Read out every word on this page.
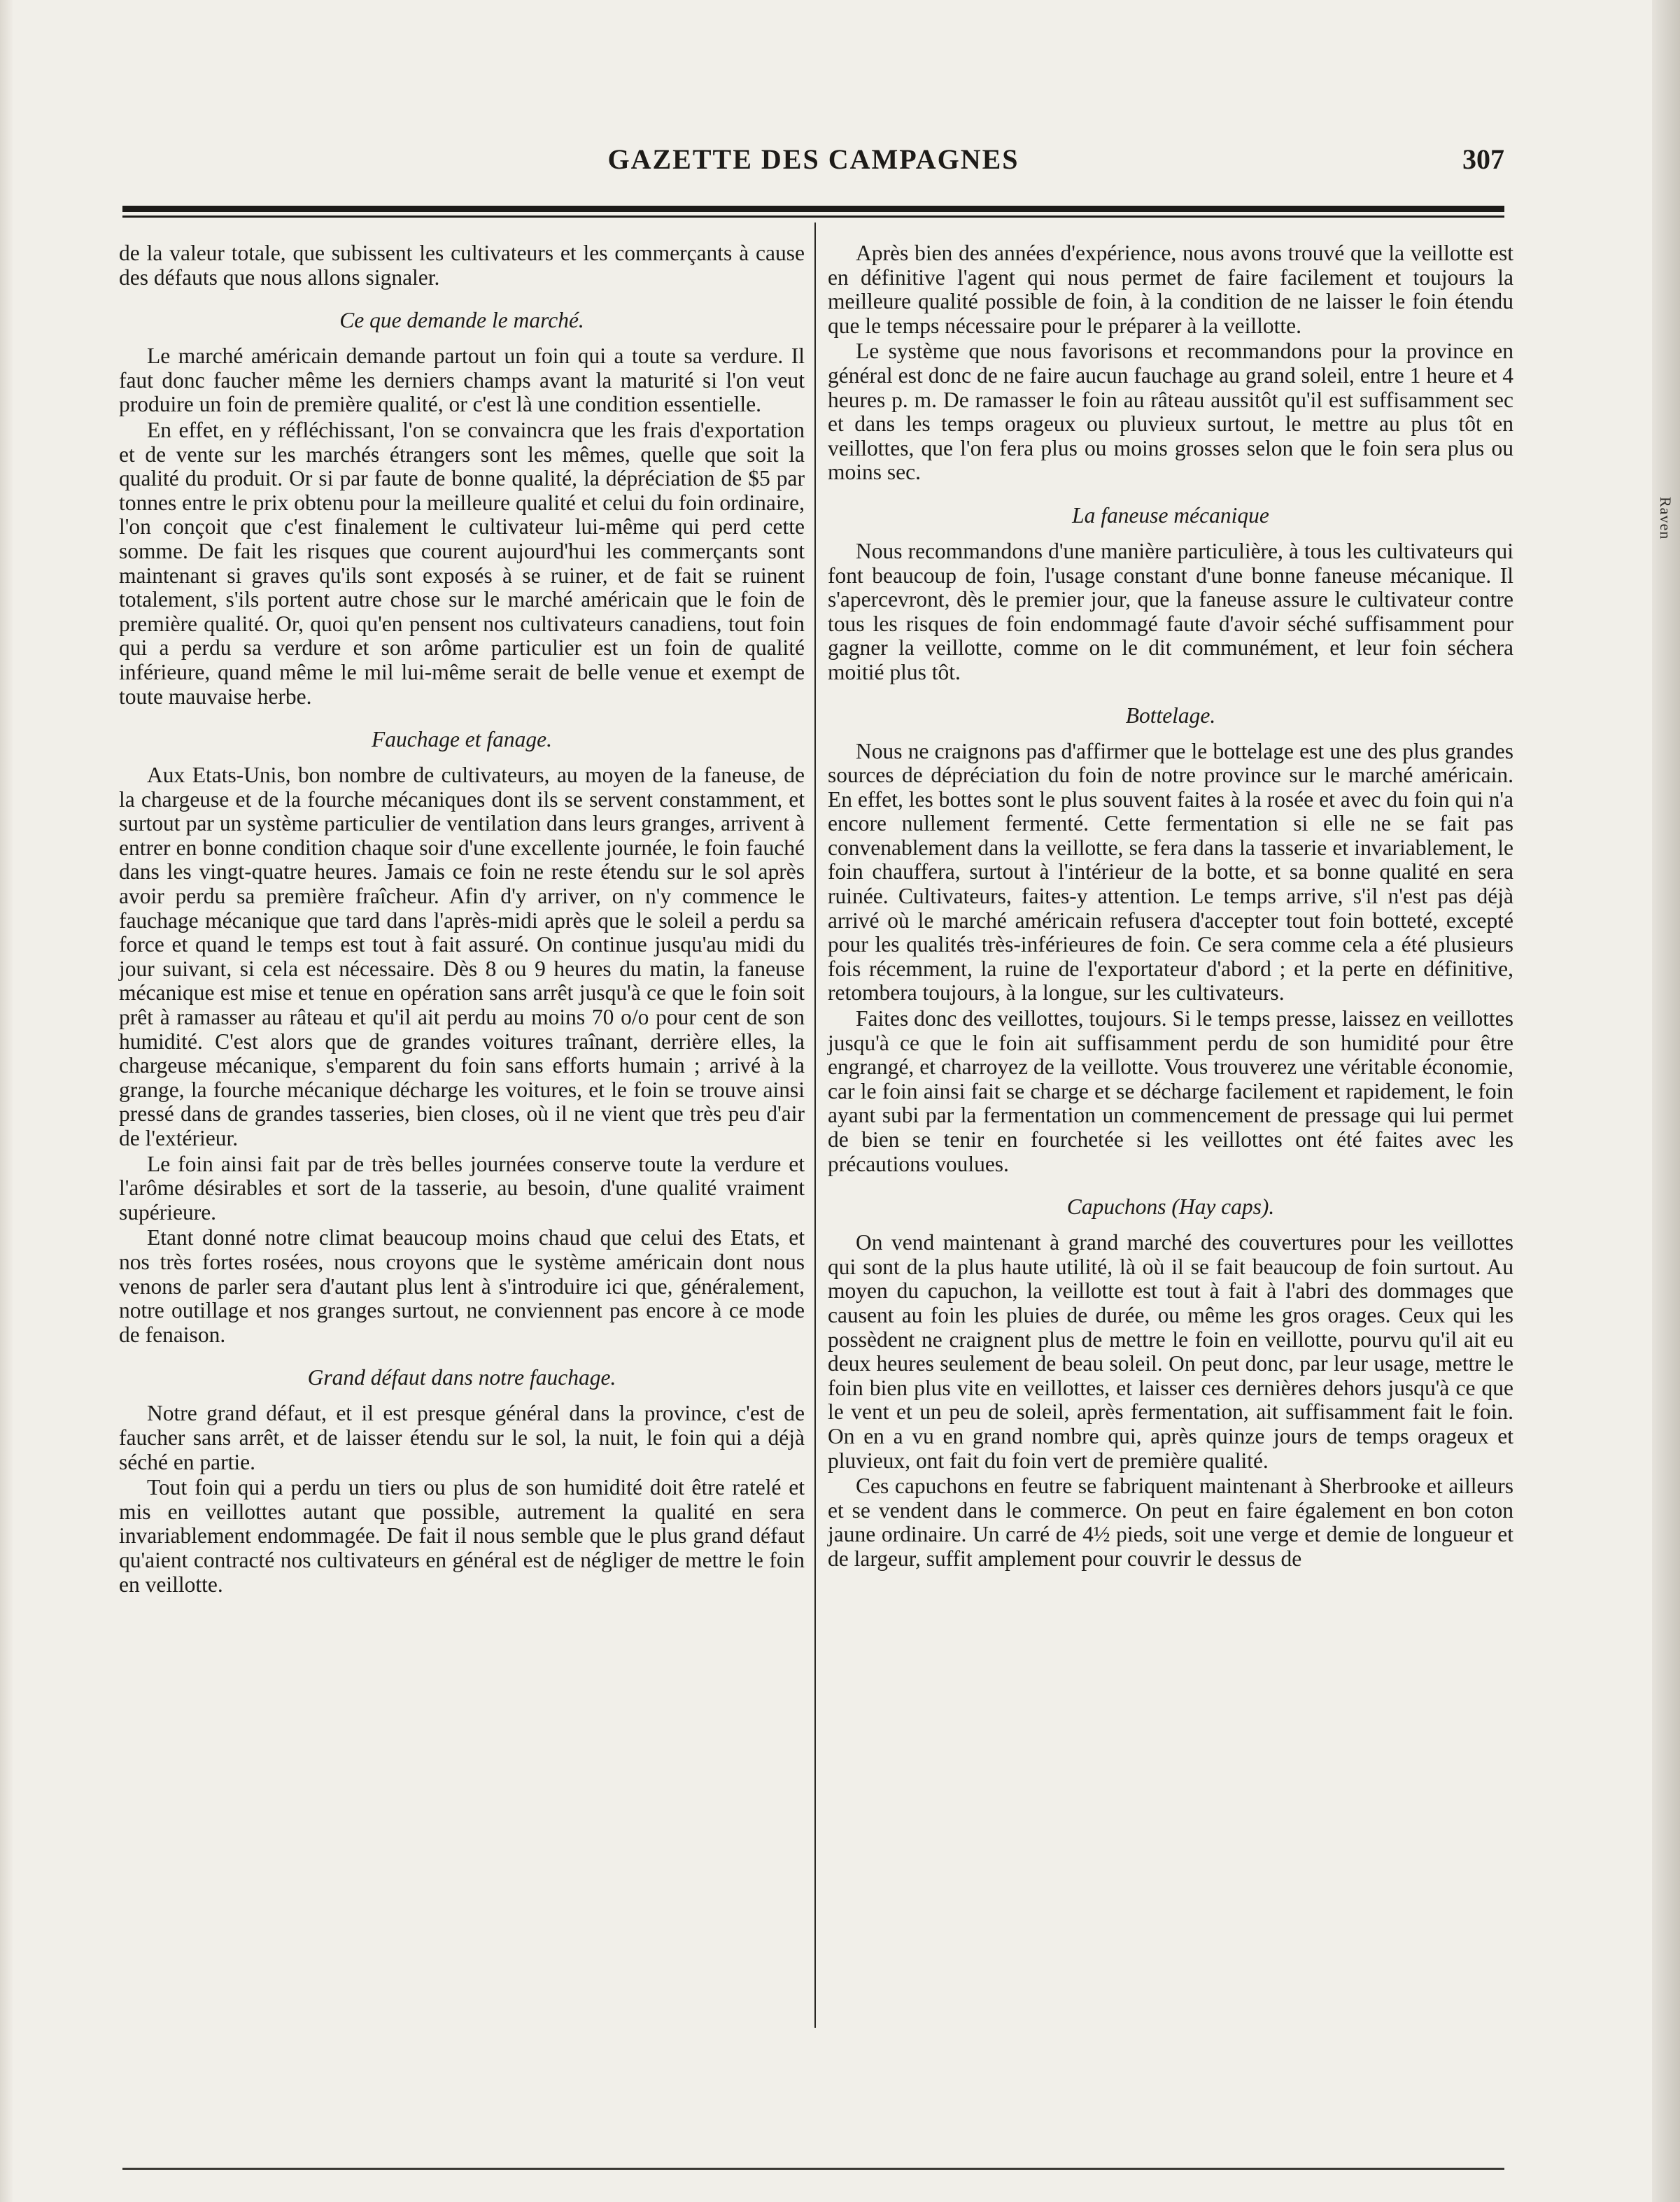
Raven
GAZETTE DES CAMPAGNES	307

de la valeur totale, que subissent les cultivateurs et les commerçants à cause des défauts que nous allons signaler.

Ce que demande le marché.

Le marché américain demande partout un foin qui a toute sa verdure. Il faut donc faucher même les derniers champs avant la maturité si l'on veut produire un foin de première qualité, or c'est là une condition essentielle.

En effet, en y réfléchissant, l'on se convaincra que les frais d'exportation et de vente sur les marchés étrangers sont les mêmes, quelle que soit la qualité du produit. Or si par faute de bonne qualité, la dépréciation de $5 par tonnes entre le prix obtenu pour la meilleure qualité et celui du foin ordinaire, l'on conçoit que c'est finalement le cultivateur lui-même qui perd cette somme. De fait les risques que courent aujourd'hui les commerçants sont maintenant si graves qu'ils sont exposés à se ruiner, et de fait se ruinent totalement, s'ils portent autre chose sur le marché américain que le foin de première qualité. Or, quoi qu'en pensent nos cultivateurs canadiens, tout foin qui a perdu sa verdure et son arôme particulier est un foin de qualité inférieure, quand même le mil lui-même serait de belle venue et exempt de toute mauvaise herbe.

Fauchage et fanage.

Aux Etats-Unis, bon nombre de cultivateurs, au moyen de la faneuse, de la chargeuse et de la fourche mécaniques dont ils se servent constamment, et surtout par un système particulier de ventilation dans leurs granges, arrivent à entrer en bonne condition chaque soir d'une excellente journée, le foin fauché dans les vingt-quatre heures. Jamais ce foin ne reste étendu sur le sol après avoir perdu sa première fraîcheur. Afin d'y arriver, on n'y commence le fauchage mécanique que tard dans l'après-midi après que le soleil a perdu sa force et quand le temps est tout à fait assuré. On continue jusqu'au midi du jour suivant, si cela est nécessaire. Dès 8 ou 9 heures du matin, la faneuse mécanique est mise et tenue en opération sans arrêt jusqu'à ce que le foin soit prêt à ramasser au râteau et qu'il ait perdu au moins 70 o/o pour cent de son humidité. C'est alors que de grandes voitures traînant, derrière elles, la chargeuse mécanique, s'emparent du foin sans efforts humain ; arrivé à la grange, la fourche mécanique décharge les voitures, et le foin se trouve ainsi pressé dans de grandes tasseries, bien closes, où il ne vient que très peu d'air de l'extérieur.

Le foin ainsi fait par de très belles journées conserve toute la verdure et l'arôme désirables et sort de la tasserie, au besoin, d'une qualité vraiment supérieure.

Etant donné notre climat beaucoup moins chaud que celui des Etats, et nos très fortes rosées, nous croyons que le système américain dont nous venons de parler sera d'autant plus lent à s'introduire ici que, généralement, notre outillage et nos granges surtout, ne conviennent pas encore à ce mode de fenaison.

Grand défaut dans notre fauchage.

Notre grand défaut, et il est presque général dans la province, c'est de faucher sans arrêt, et de laisser étendu sur le sol, la nuit, le foin qui a déjà séché en partie.

Tout foin qui a perdu un tiers ou plus de son humidité doit être ratelé et mis en veillottes autant que possible, autrement la qualité en sera invariablement endommagée. De fait il nous semble que le plus grand défaut qu'aient contracté nos cultivateurs en général est de négliger de mettre le foin en veillotte.

Après bien des années d'expérience, nous avons trouvé que la veillotte est en définitive l'agent qui nous permet de faire facilement et toujours la meilleure qualité possible de foin, à la condition de ne laisser le foin étendu que le temps nécessaire pour le préparer à la veillotte.

Le système que nous favorisons et recommandons pour la province en général est donc de ne faire aucun fauchage au grand soleil, entre 1 heure et 4 heures p. m. De ramasser le foin au râteau aussitôt qu'il est suffisamment sec et dans les temps orageux ou pluvieux surtout, le mettre au plus tôt en veillottes, que l'on fera plus ou moins grosses selon que le foin sera plus ou moins sec.

La faneuse mécanique

Nous recommandons d'une manière particulière, à tous les cultivateurs qui font beaucoup de foin, l'usage constant d'une bonne faneuse mécanique. Il s'apercevront, dès le premier jour, que la faneuse assure le cultivateur contre tous les risques de foin endommagé faute d'avoir séché suffisamment pour gagner la veillotte, comme on le dit communément, et leur foin séchera moitié plus tôt.

Bottelage.

Nous ne craignons pas d'affirmer que le bottelage est une des plus grandes sources de dépréciation du foin de notre province sur le marché américain. En effet, les bottes sont le plus souvent faites à la rosée et avec du foin qui n'a encore nullement fermenté. Cette fermentation si elle ne se fait pas convenablement dans la veillotte, se fera dans la tasserie et invariablement, le foin chauffera, surtout à l'intérieur de la botte, et sa bonne qualité en sera ruinée. Cultivateurs, faites-y attention. Le temps arrive, s'il n'est pas déjà arrivé où le marché américain refusera d'accepter tout foin botteté, excepté pour les qualités très-inférieures de foin. Ce sera comme cela a été plusieurs fois récemment, la ruine de l'exportateur d'abord ; et la perte en définitive, retombera toujours, à la longue, sur les cultivateurs.

Faites donc des veillottes, toujours. Si le temps presse, laissez en veillottes jusqu'à ce que le foin ait suffisamment perdu de son humidité pour être engrangé, et charroyez de la veillotte. Vous trouverez une véritable économie, car le foin ainsi fait se charge et se décharge facilement et rapidement, le foin ayant subi par la fermentation un commencement de pressage qui lui permet de bien se tenir en fourchetée si les veillottes ont été faites avec les précautions voulues.

Capuchons (Hay caps).

On vend maintenant à grand marché des couvertures pour les veillottes qui sont de la plus haute utilité, là où il se fait beaucoup de foin surtout. Au moyen du capuchon, la veillotte est tout à fait à l'abri des dommages que causent au foin les pluies de durée, ou même les gros orages. Ceux qui les possèdent ne craignent plus de mettre le foin en veillotte, pourvu qu'il ait eu deux heures seulement de beau soleil. On peut donc, par leur usage, mettre le foin bien plus vite en veillottes, et laisser ces dernières dehors jusqu'à ce que le vent et un peu de soleil, après fermentation, ait suffisamment fait le foin. On en a vu en grand nombre qui, après quinze jours de temps orageux et pluvieux, ont fait du foin vert de première qualité.

Ces capuchons en feutre se fabriquent maintenant à Sherbrooke et ailleurs et se vendent dans le commerce. On peut en faire également en bon coton jaune ordinaire. Un carré de 4½ pieds, soit une verge et demie de longueur et de largeur, suffit amplement pour couvrir le dessus de
